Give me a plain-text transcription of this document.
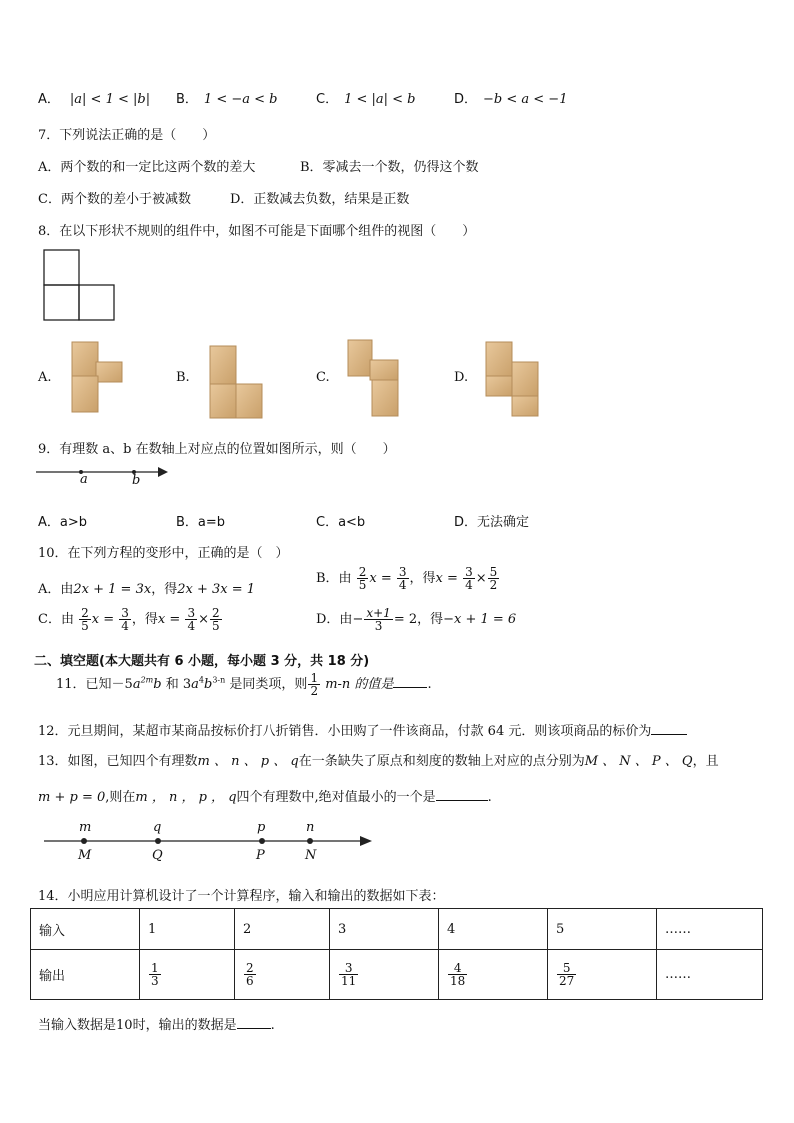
A． |a| < 1 < |b| B． 1 < −a < b	C． 1 < |a| < b	D． −b < a < −1
7．下列说法正确的是（　　）
A．两个数的和一定比这两个数的差大	B．零减去一个数，仍得这个数
C．两个数的差小于被减数	D．正数减去负数，结果是正数
8．在以下形状不规则的组件中，如图不可能是下面哪个组件的视图（　　）
A.	B.	C.	D.
9．有理数 a、b 在数轴上对应点的位置如图所示，则（　　）
a	b
A．a>b	B．a=b	C．a<b	D．无法确定
10．在下列方程的变形中，正确的是（　）
A．由2x + 1 = 3x，得2x + 3x = 1
B．由 $\frac{2}{5}$ $x = \frac{3}{4}$ ，得$x = \frac{3}{4} \times \frac{5}{2}$
C．由 $\frac{2}{5}$ $x = \frac{3}{4}$ ，得$x = \frac{3}{4} \times \frac{2}{5}$	D．由− $\frac{x+1}{3} = 2$，得−x + 1 = 6
二、填空题(本大题共有 6 小题，每小题 3 分，共 18 分)
11．已知$-5a^{2m}b$ 和 $3a^4b^{3-n}$ 是同类项，则 $\frac{1}{2} m-n$ 的值是	.
12．元旦期间，某超市某商品按标价打八折销售．小田购了一件该商品，付款 64 元．则该项商品的标价为
13．如图，已知四个有理数m 、 n 、 p 、 q在一条缺失了原点和刻度的数轴上对应的点分别为M 、 N 、 P 、 Q，且
m + p = 0,则在m ， n ， p ， q四个有理数中,绝对值最小的一个是	.
m	q	p	n
M	Q	P	N
14．小明应用计算机设计了一个计算程序，输入和输出的数据如下表：
输入	1	2	3	4	5	……
输出	$\frac{1}{3}$	$\frac{2}{6}$	$\frac{3}{11}$	$\frac{4}{18}$	$\frac{5}{27}$	……
当输入数据是10时，输出的数据是	.
